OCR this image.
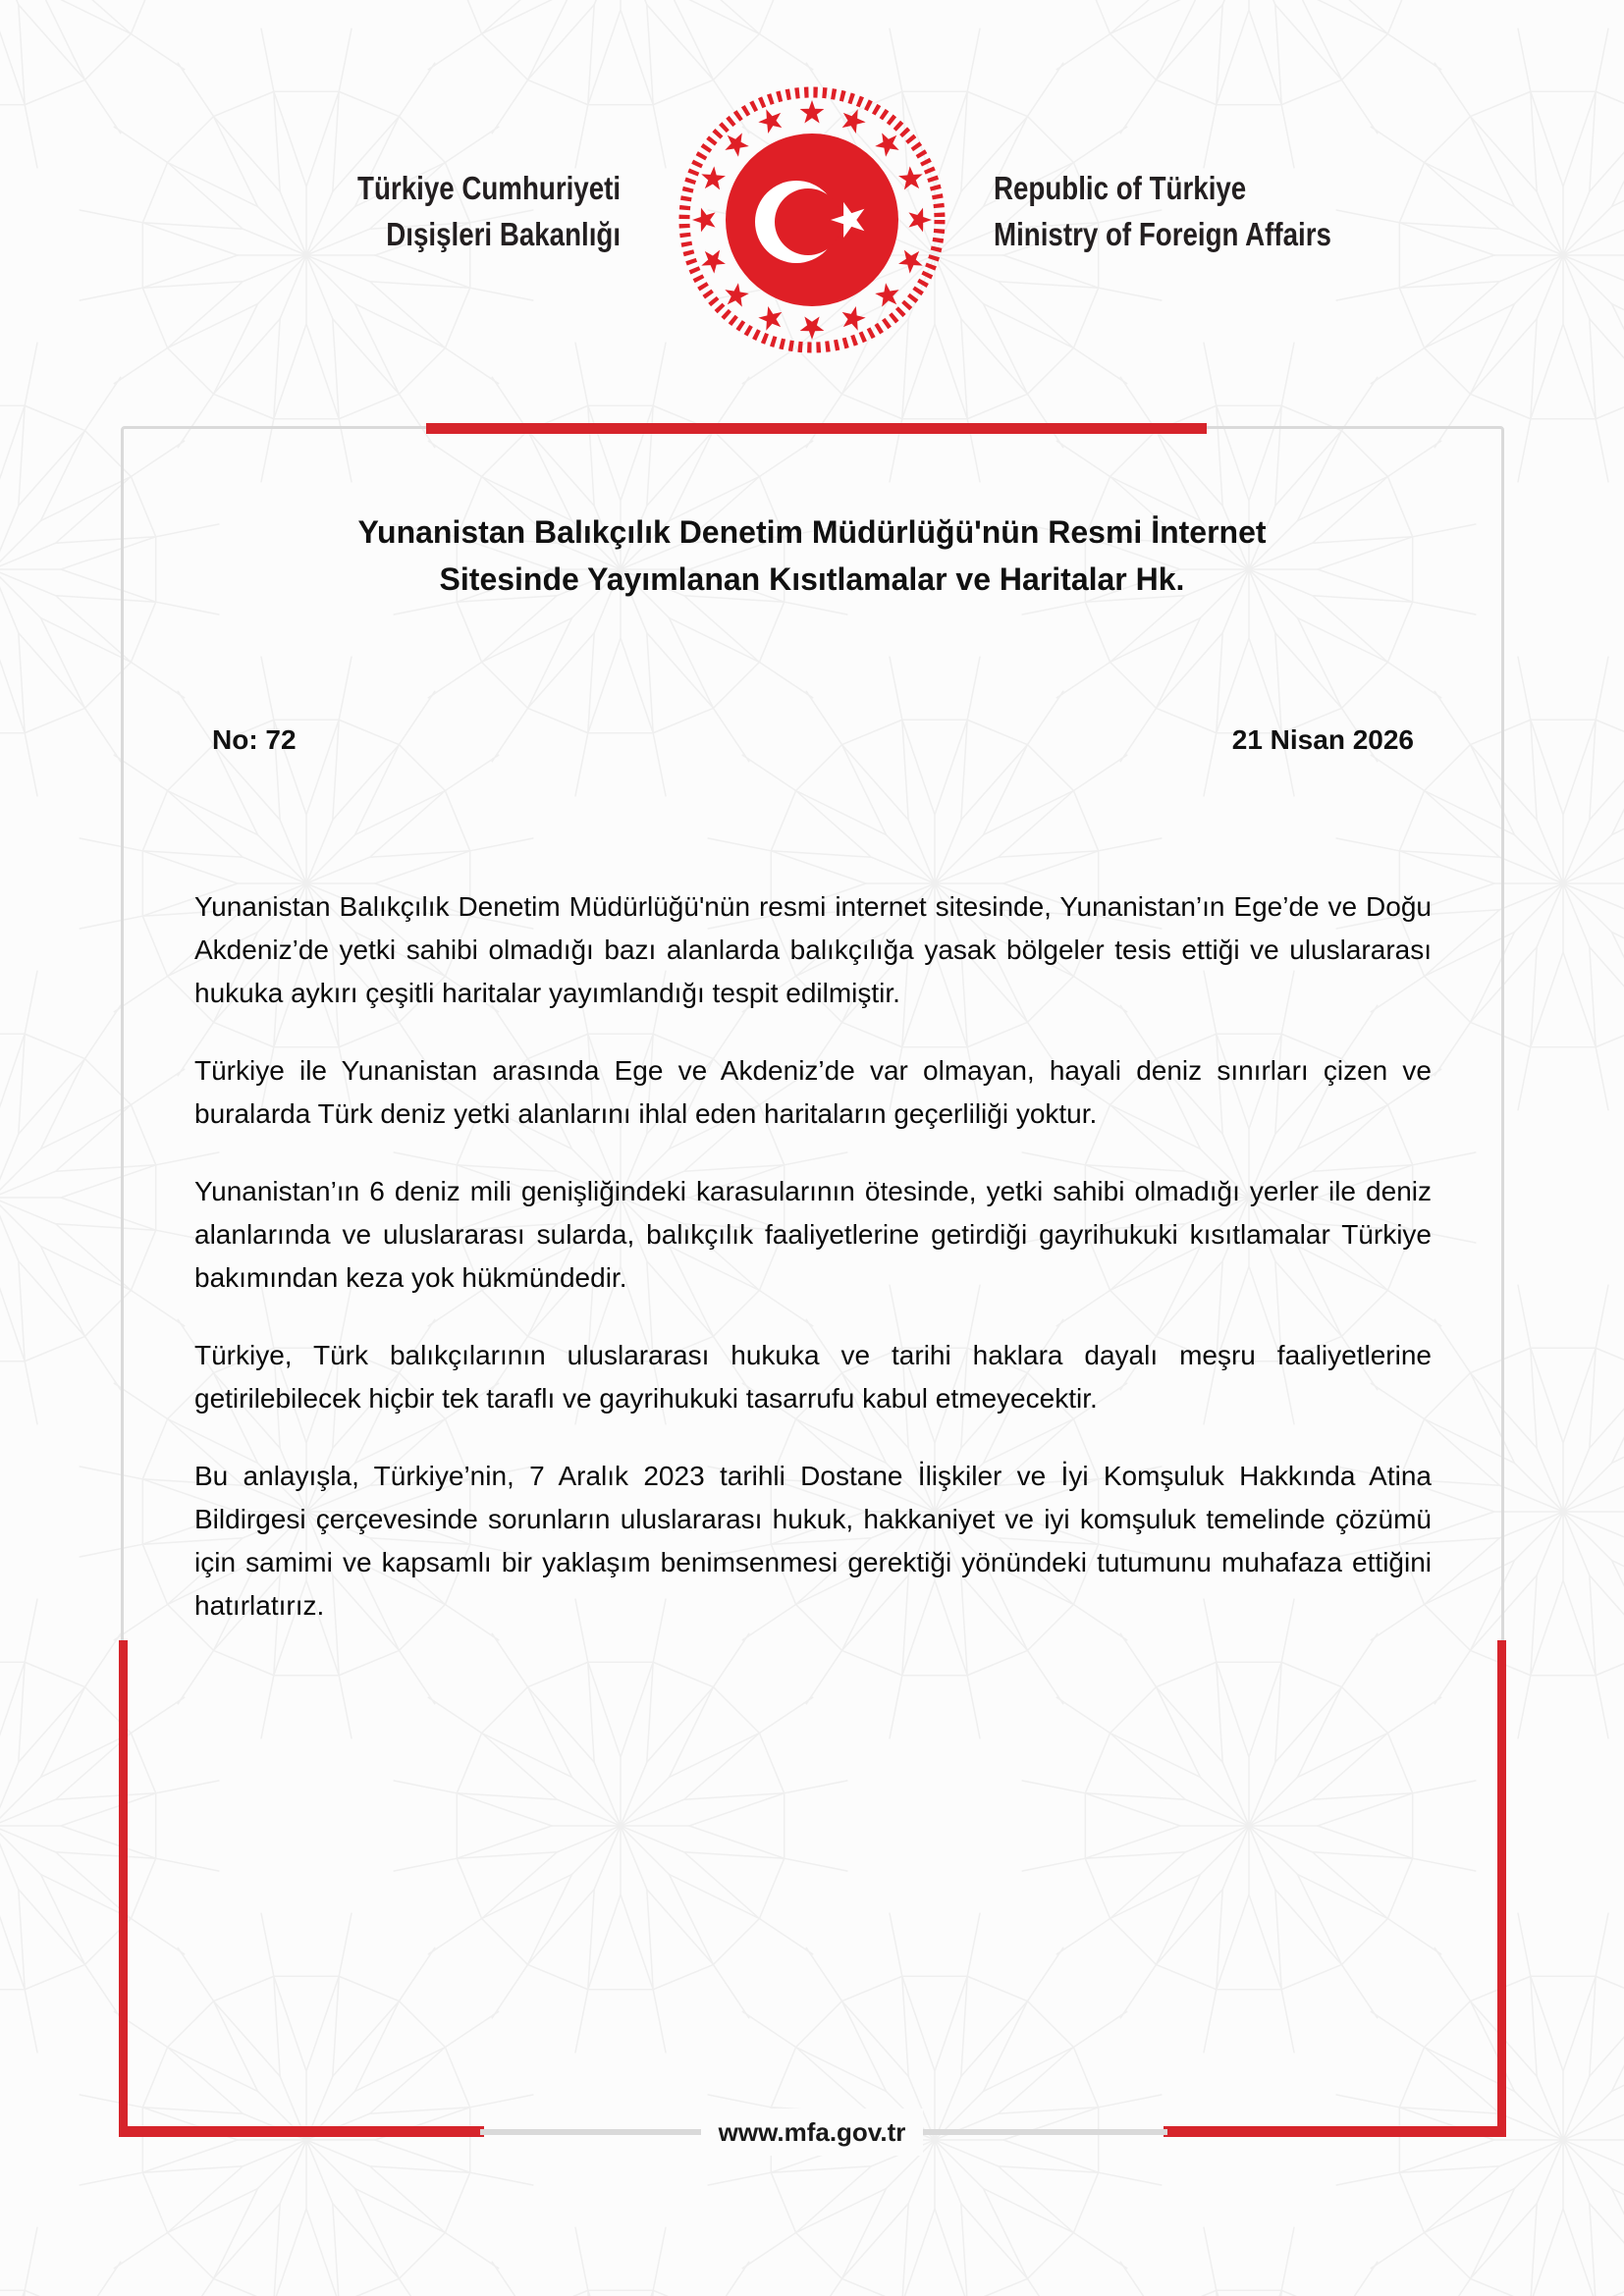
Türkiye Cumhuriyeti
Dışişleri Bakanlığı
Republic of Türkiye
Ministry of Foreign Affairs
Yunanistan Balıkçılık Denetim Müdürlüğü'nün Resmi İnternet
Sitesinde Yayımlanan Kısıtlamalar ve Haritalar Hk.
No: 72	21 Nisan 2026

Yunanistan Balıkçılık Denetim Müdürlüğü'nün resmi internet sitesinde, Yunanistan’ın Ege’de ve Doğu Akdeniz’de yetki sahibi olmadığı bazı alanlarda balıkçılığa yasak bölgeler tesis ettiği ve uluslararası hukuka aykırı çeşitli haritalar yayımlandığı tespit edilmiştir.

Türkiye ile Yunanistan arasında Ege ve Akdeniz’de var olmayan, hayali deniz sınırları çizen ve buralarda Türk deniz yetki alanlarını ihlal eden haritaların geçerliliği yoktur.

Yunanistan’ın 6 deniz mili genişliğindeki karasularının ötesinde, yetki sahibi olmadığı yerler ile deniz alanlarında ve uluslararası sularda, balıkçılık faaliyetlerine getirdiği gayrihukuki kısıtlamalar Türkiye bakımından keza yok hükmündedir.

Türkiye, Türk balıkçılarının uluslararası hukuka ve tarihi haklara dayalı meşru faaliyetlerine getirilebilecek hiçbir tek taraflı ve gayrihukuki tasarrufu kabul etmeyecektir.

Bu anlayışla, Türkiye’nin, 7 Aralık 2023 tarihli Dostane İlişkiler ve İyi Komşuluk Hakkında Atina Bildirgesi çerçevesinde sorunların uluslararası hukuk, hakkaniyet ve iyi komşuluk temelinde çözümü için samimi ve kapsamlı bir yaklaşım benimsenmesi gerektiği yönündeki tutumunu muhafaza ettiğini hatırlatırız.

www.mfa.gov.tr
